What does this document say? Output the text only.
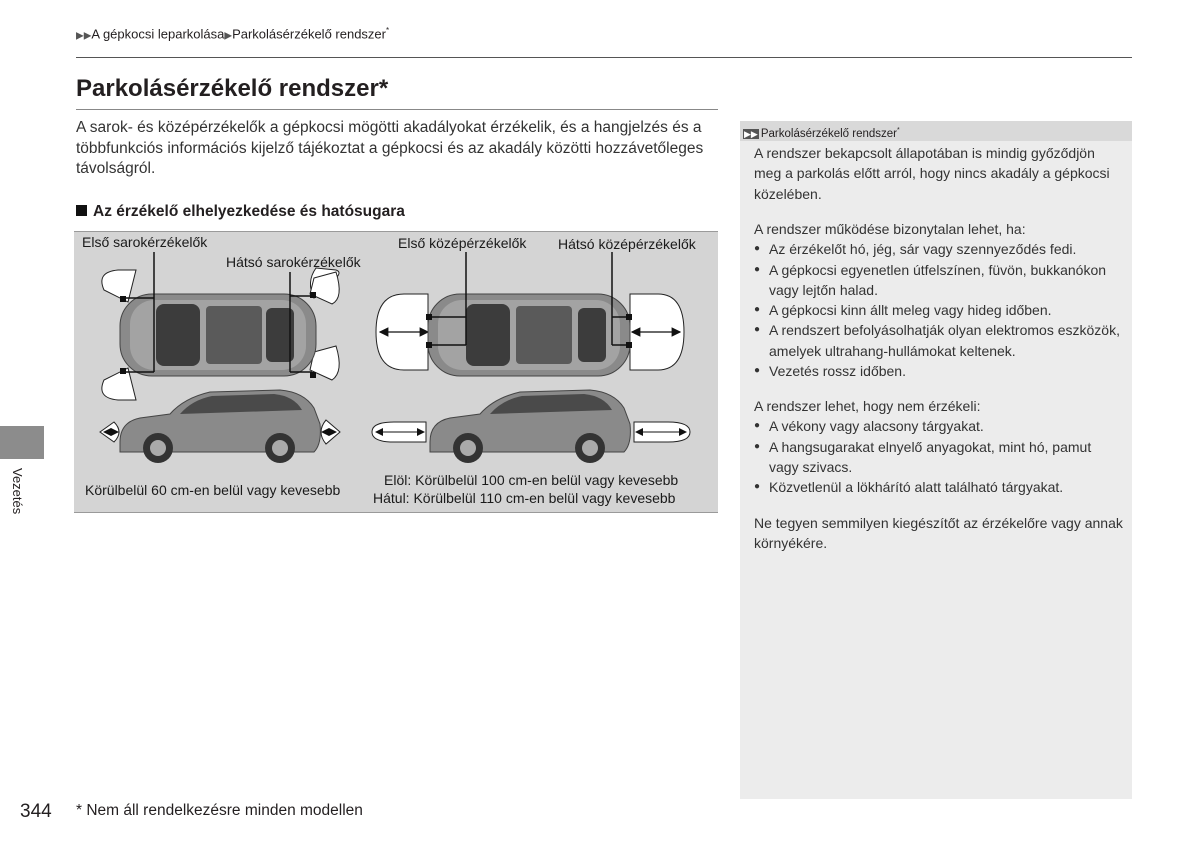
▶▶A gépkocsi leparkolása▶Parkolásérzékelő rendszer*
Parkolásérzékelő rendszer*
A sarok- és középérzékelők a gépkocsi mögötti akadályokat érzékelik, és a hangjelzés és a többfunkciós információs kijelző tájékoztat a gépkocsi és az akadály közötti hozzávetőleges távolságról.
Az érzékelő elhelyezkedése és hatósugara
Első sarokérzékelők
Hátsó sarokérzékelők
Első középérzékelők Hátsó középérzékelők
Körülbelül 60 cm-en belül vagy kevesebb
Elöl: Körülbelül 100 cm-en belül vagy kevesebb
Hátul: Körülbelül 110 cm-en belül vagy kevesebb
Vezetés
▶▶ Parkolásérzékelő rendszer*
A rendszer bekapcsolt állapotában is mindig győződjön meg a parkolás előtt arról, hogy nincs akadály a gépkocsi közelében.
A rendszer működése bizonytalan lehet, ha:
● Az érzékelőt hó, jég, sár vagy szennyeződés fedi.
● A gépkocsi egyenetlen útfelszínen, füvön, bukkanókon vagy lejtőn halad.
● A gépkocsi kinn állt meleg vagy hideg időben.
● A rendszert befolyásolhatják olyan elektromos eszközök, amelyek ultrahang-hullámokat keltenek.
● Vezetés rossz időben.
A rendszer lehet, hogy nem érzékeli:
● A vékony vagy alacsony tárgyakat.
● A hangsugarakat elnyelő anyagokat, mint hó, pamut vagy szivacs.
● Közvetlenül a lökhárító alatt található tárgyakat.
Ne tegyen semmilyen kiegészítőt az érzékelőre vagy annak környékére.
344 * Nem áll rendelkezésre minden modellen
